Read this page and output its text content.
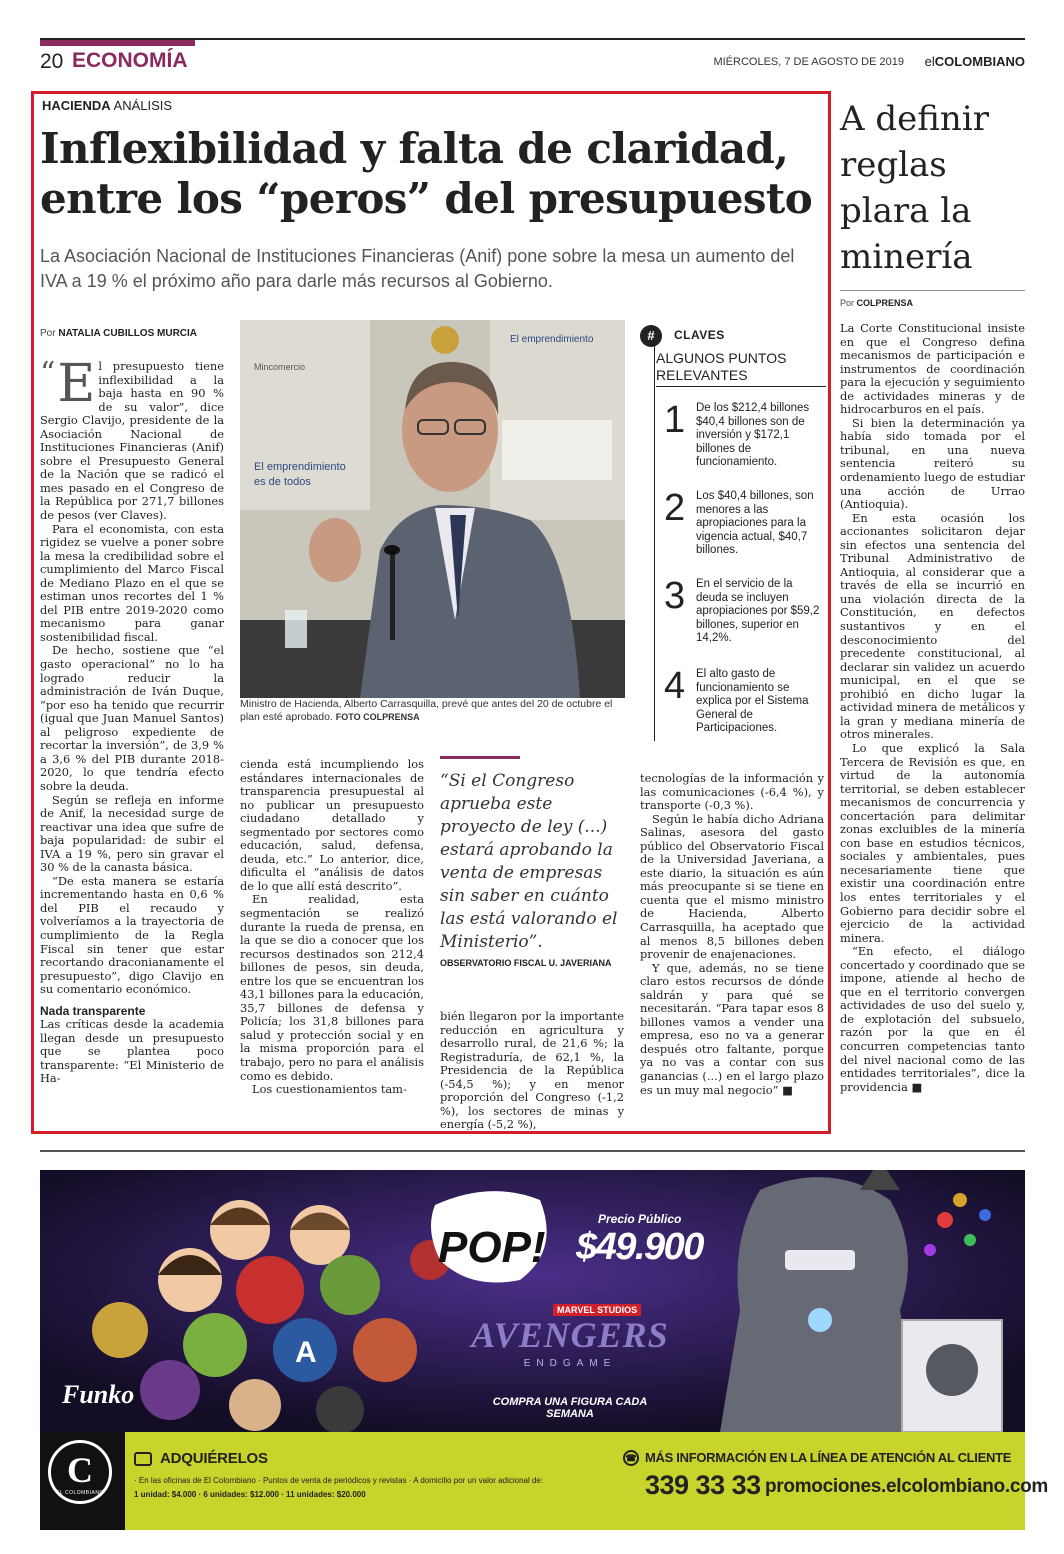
20 ECONOMÍA	MIÉRCOLES, 7 DE AGOSTO DE 2019 elCOLOMBIANO
HACIENDA ANÁLISIS
Inflexibilidad y falta de claridad, entre los “peros” del presupuesto
La Asociación Nacional de Instituciones Financieras (Anif) pone sobre la mesa un aumento del IVA a 19 % el próximo año para darle más recursos al Gobierno.
Por NATALIA CUBILLOS MURCIA
“ E l presupuesto tiene inflexibilidad a la baja hasta en 90 % de su valor”, dice Sergio Clavijo, presidente de la Asociación Nacional de Instituciones Financieras (Anif) sobre el Presupuesto General de la Nación que se radicó el mes pasado en el Congreso de la República por 271,7 billones de pesos (ver Claves).

Para el economista, con esta rigidez se vuelve a poner sobre la mesa la credibilidad sobre el cumplimiento del Marco Fiscal de Mediano Plazo en el que se estiman unos recortes del 1 % del PIB entre 2019-2020 como mecanismo para ganar sostenibilidad fiscal.

De hecho, sostiene que “el gasto operacional” no lo ha logrado reducir la administración de Iván Duque, “por eso ha tenido que recurrir (igual que Juan Manuel Santos) al peligroso expediente de recortar la inversión”, de 3,9 % a 3,6 % del PIB durante 2018-2020, lo que tendría efecto sobre la deuda.

Según se refleja en informe de Anif, la necesidad surge de reactivar una idea que sufre de baja popularidad: de subir el IVA a 19 %, pero sin gravar el 30 % de la canasta básica.

“De esta manera se estaría incrementando hasta en 0,6 % del PIB el recaudo y volveríamos a la trayectoria de cumplimiento de la Regla Fiscal sin tener que estar recortando draconianamente el presupuesto”, digo Clavijo en su comentario económico.

Nada transparente

Las críticas desde la academia llegan desde un presupuesto que se plantea poco transparente: “El Ministerio de Ha-

El emprendimiento
es de todos
El emprendimiento
Mincomercio
Ministro de Hacienda, Alberto Carrasquilla, prevé que antes del 20 de octubre el plan esté aprobado. FOTO COLPRENSA

cienda está incumpliendo los estándares internacionales de transparencia presupuestal al no publicar un presupuesto ciudadano detallado y segmentado por sectores como educación, salud, defensa, deuda, etc.” Lo anterior, dice, dificulta el “análisis de datos de lo que allí está descrito”.

En realidad, esta segmentación se realizó durante la rueda de prensa, en la que se dio a conocer que los recursos destinados son 212,4 billones de pesos, sin deuda, entre los que se encuentran los 43,1 billones para la educación, 35,7 billones de defensa y Policía; los 31,8 billones para salud y protección social y en la misma proporción para el trabajo, pero no para el análisis como es debido.

Los cuestionamientos tam-

“Si el Congreso aprueba este proyecto de ley (...) estará aprobando la venta de empresas sin saber en cuánto las está valorando el Ministerio”.
OBSERVATORIO FISCAL U. JAVERIANA

bién llegaron por la importante reducción en agricultura y desarrollo rural, de 21,6 %; la Registraduría, de 62,1 %, la Presidencia de la República (-54,5 %); y en menor proporción del Congreso (-1,2 %), los sectores de minas y energía (-5,2 %),

tecnologías de la información y las comunicaciones (-6,4 %), y transporte (-0,3 %).

Según le había dicho Adriana Salinas, asesora del gasto público del Observatorio Fiscal de la Universidad Javeriana, a este diario, la situación es aún más preocupante si se tiene en cuenta que el mismo ministro de Hacienda, Alberto Carrasquilla, ha aceptado que al menos 8,5 billones deben provenir de enajenaciones.

Y que, además, no se tiene claro estos recursos de dónde saldrán y para qué se necesitarán. “Para tapar esos 8 billones vamos a vender una empresa, eso no va a generar después otro faltante, porque ya no vas a contar con sus ganancias (...) en el largo plazo es un muy mal negocio” ■

#	CLAVES
ALGUNOS PUNTOS RELEVANTES
1 De los $212,4 billones $40,4 billones son de inversión y $172,1 billones de funcionamiento.
2 Los $40,4 billones, son menores a las apropiaciones para la vigencia actual, $40,7 billones.
3 En el servicio de la deuda se incluyen apropiaciones por $59,2 billones, superior en 14,2%.
4 El alto gasto de funcionamiento se explica por el Sistema General de Participaciones.
A definir reglas plara la minería
Por COLPRENSA

La Corte Constitucional insiste en que el Congreso defina mecanismos de participación e instrumentos de coordinación para la ejecución y seguimiento de actividades mineras y de hidrocarburos en el país.

Si bien la determinación ya había sido tomada por el tribunal, en una nueva sentencia reiteró su ordenamiento luego de estudiar una acción de Urrao (Antioquia).

En esta ocasión los accionantes solicitaron dejar sin efectos una sentencia del Tribunal Administrativo de Antioquia, al considerar que a través de ella se incurrió en una violación directa de la Constitución, en defectos sustantivos y en el desconocimiento del precedente constitucional, al declarar sin validez un acuerdo municipal, en el que se prohibió en dicho lugar la actividad minera de metálicos y la gran y mediana minería de otros minerales.

Lo que explicó la Sala Tercera de Revisión es que, en virtud de la autonomía territorial, se deben establecer mecanismos de concurrencia y concertación para delimitar zonas excluibles de la minería con base en estudios técnicos, sociales y ambientales, pues necesariamente tiene que existir una coordinación entre los entes territoriales y el Gobierno para decidir sobre el ejercicio de la actividad minera.

“En efecto, el diálogo concertado y coordinado que se impone, atiende al hecho de que en el territorio convergen actividades de uso del suelo y, de explotación del subsuelo, razón por la que en él concurren competencias tanto del nivel nacional como de las entidades territoriales”, dice la providencia ■

A
POP!
Precio Público
$49.900
MARVEL STUDIOS
AVENGERS
ENDGAME
COMPRA UNA FIGURA CADA SEMANA
Funko
C
EL COLOMBIANO
ADQUIÉRELOS
· En las oficinas de El Colombiano · Puntos de venta de periódicos y revistas · A domicilio por un valor adicional de:
1 unidad: $4.000 · 6 unidades: $12.000 · 11 unidades: $20.000
☎ MÁS INFORMACIÓN EN LA LÍNEA DE ATENCIÓN AL CLIENTE
339 33 33 promociones.elcolombiano.com
